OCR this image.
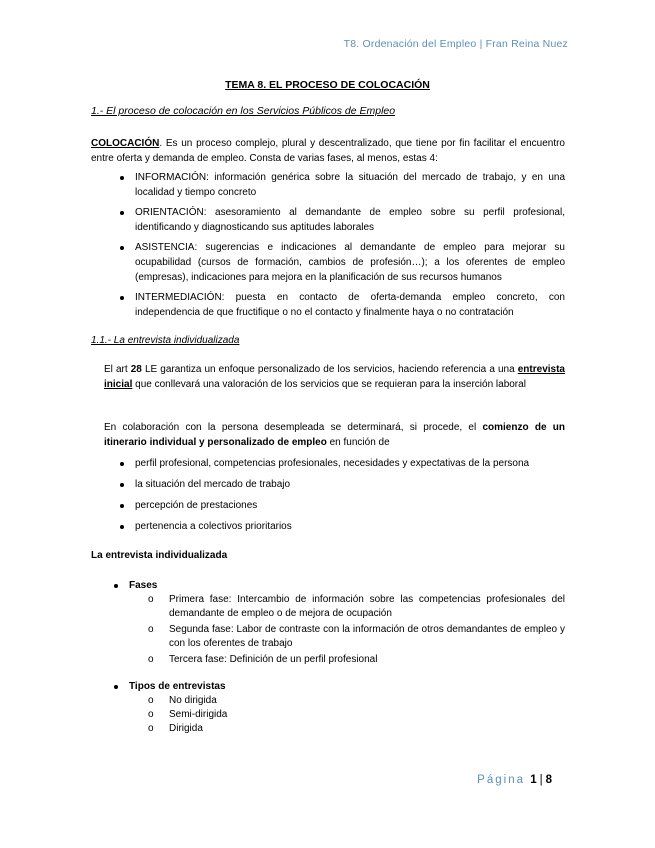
T8. Ordenación del Empleo | Fran Reina Nuez
TEMA 8. EL PROCESO DE COLOCACIÓN
1.- El proceso de colocación en los Servicios Públicos de Empleo
COLOCACIÓN. Es un proceso complejo, plural y descentralizado, que tiene por fin facilitar el encuentro entre oferta y demanda de empleo. Consta de varias fases, al menos, estas 4:
INFORMACIÓN: información genérica sobre la situación del mercado de trabajo, y en una localidad y tiempo concreto
ORIENTACIÓN: asesoramiento al demandante de empleo sobre su perfil profesional, identificando y diagnosticando sus aptitudes laborales
ASISTENCIA: sugerencias e indicaciones al demandante de empleo para mejorar su ocupabilidad (cursos de formación, cambios de profesión…); a los oferentes de empleo (empresas), indicaciones para mejora en la planificación de sus recursos humanos
INTERMEDIACIÓN: puesta en contacto de oferta-demanda empleo concreto, con independencia de que fructifique o no el contacto y finalmente haya o no contratación
1.1.- La entrevista individualizada
El art 28 LE garantiza un enfoque personalizado de los servicios, haciendo referencia a una entrevista inicial que conllevará una valoración de los servicios que se requieran para la inserción laboral
En colaboración con la persona desempleada se determinará, si procede, el comienzo de un itinerario individual y personalizado de empleo en función de
perfil profesional, competencias profesionales, necesidades y expectativas de la persona
la situación del mercado de trabajo
percepción de prestaciones
pertenencia a colectivos prioritarios
La entrevista individualizada
Fases
o Primera fase: Intercambio de información sobre las competencias profesionales del demandante de empleo o de mejora de ocupación
o Segunda fase: Labor de contraste con la información de otros demandantes de empleo y con los oferentes de trabajo
o Tercera fase: Definición de un perfil profesional
Tipos de entrevistas
o No dirigida
o Semi-dirigida
o Dirigida
Página 1 | 8
